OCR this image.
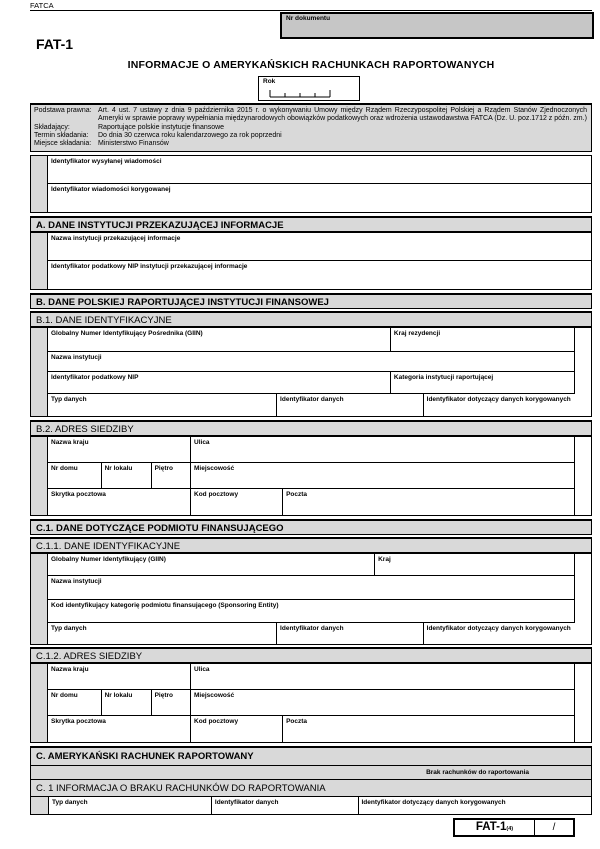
FATCA
Nr dokumentu
FAT-1
INFORMACJE O AMERYKAŃSKICH RACHUNKACH RAPORTOWANYCH
Rok
Podstawa prawna: Art. 4 ust. 7 ustawy z dnia 9 października 2015 r. o wykonywaniu Umowy między Rządem Rzeczypospolitej Polskiej a Rządem Stanów Zjednoczonych Ameryki w sprawie poprawy wypełniania międzynarodowych obowiązków podatkowych oraz wdrożenia ustawodawstwa FATCA (Dz. U. poz.1712 z późn. zm.)
Składający:	Raportujące polskie instytucje finansowe
Termin składania:	Do dnia 30 czerwca roku kalendarzowego za rok poprzedni
Miejsce składania: Ministerstwo Finansów
Identyfikator wysyłanej wiadomości
Identyfikator wiadomości korygowanej
A. DANE INSTYTUCJI PRZEKAZUJĄCEJ INFORMACJE
Nazwa instytucji przekazującej informacje
Identyfikator podatkowy NIP instytucji przekazującej informacje
B. DANE POLSKIEJ RAPORTUJĄCEJ INSTYTUCJI FINANSOWEJ
B.1. DANE IDENTYFIKACYJNE
Globalny Numer Identyfikujący Pośrednika (GIIN)	Kraj rezydencji
Nazwa instytucji
Identyfikator podatkowy NIP	Kategoria instytucji raportującej
Typ danych	Identyfikator danych	Identyfikator dotyczący danych korygowanych
B.2. ADRES SIEDZIBY
Nazwa kraju	Ulica
Nr domu	Nr lokalu	Piętro	Miejscowość
Skrytka pocztowa	Kod pocztowy	Poczta
C.1. DANE DOTYCZĄCE PODMIOTU FINANSUJĄCEGO
C.1.1. DANE IDENTYFIKACYJNE
Globalny Numer Identyfikujący (GIIN)	Kraj
Nazwa instytucji
Kod identyfikujący kategorię podmiotu finansującego (Sponsoring Entity)
Typ danych	Identyfikator danych	Identyfikator dotyczący danych korygowanych
C.1.2. ADRES SIEDZIBY
Nazwa kraju	Ulica
Nr domu	Nr lokalu	Piętro	Miejscowość
Skrytka pocztowa	Kod pocztowy	Poczta
C. AMERYKAŃSKI RACHUNEK RAPORTOWANY
Brak rachunków do raportowania
C. 1 INFORMACJA O BRAKU RACHUNKÓW DO RAPORTOWANIA
Typ danych	Identyfikator danych	Identyfikator dotyczący danych korygowanych
FAT-1(4)	/
